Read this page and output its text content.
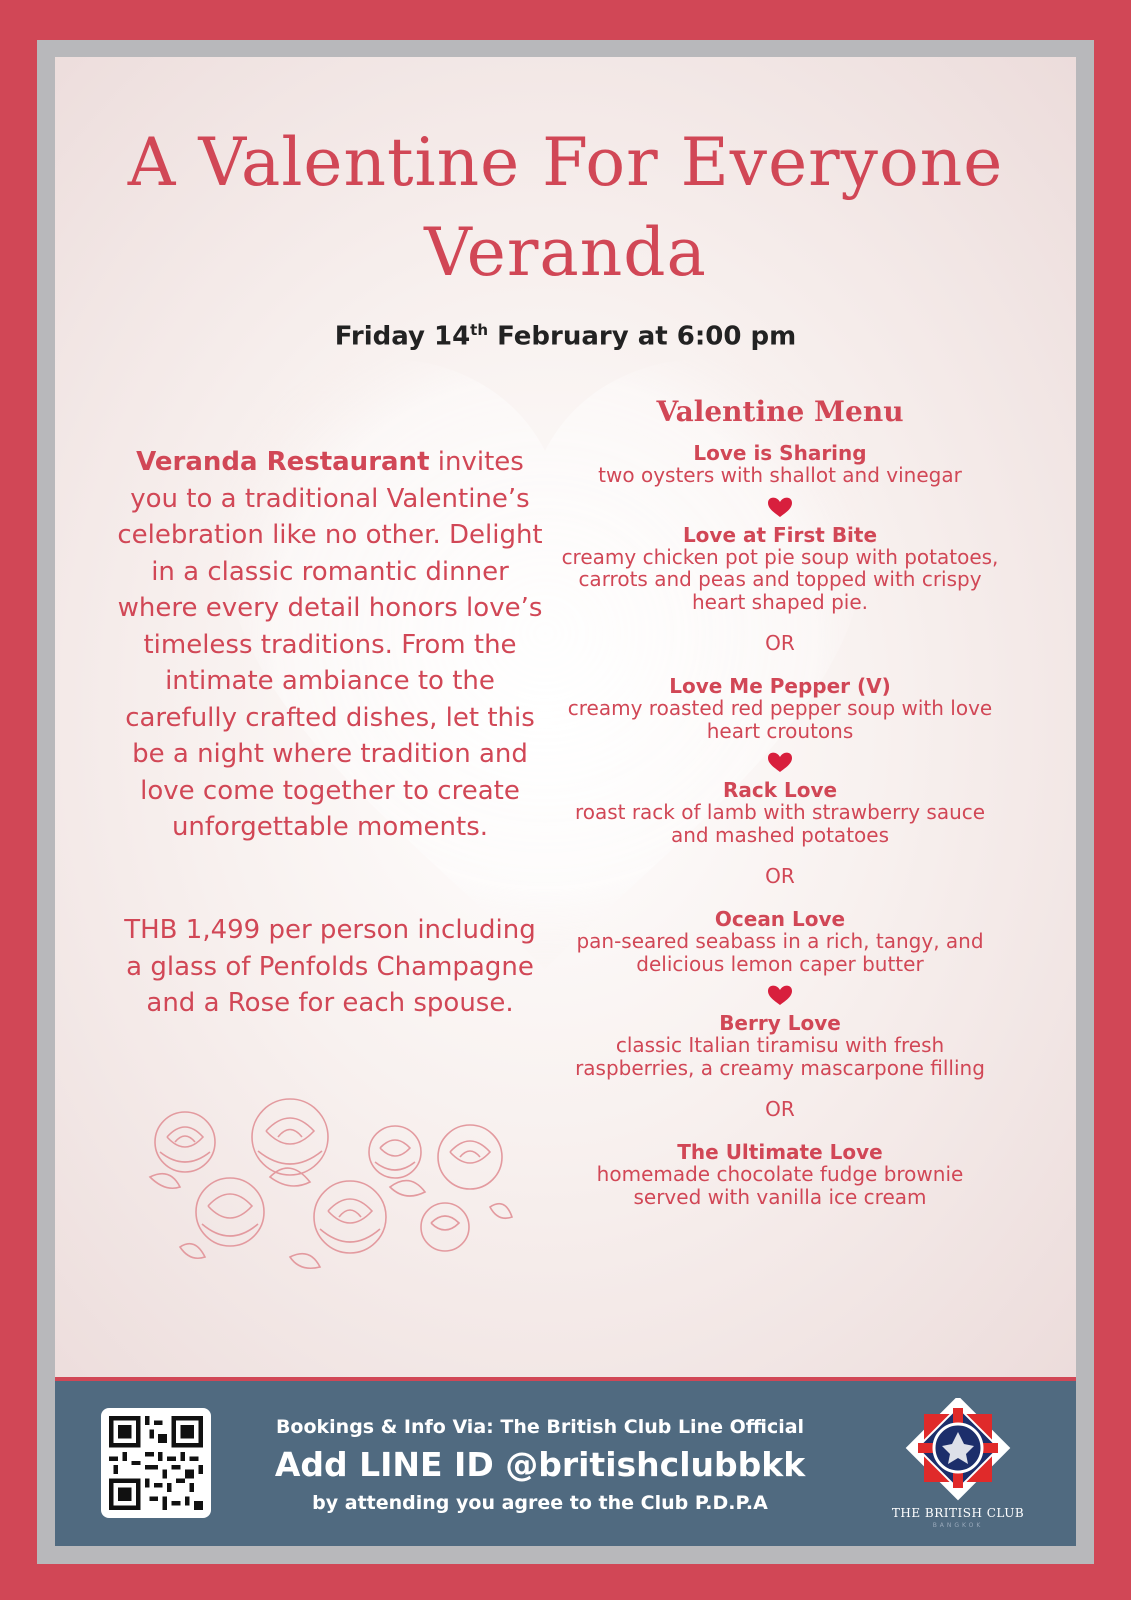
A Valentine For Everyone
Veranda
Friday 14th February at 6:00 pm
Veranda Restaurant invites you to a traditional Valentine’s celebration like no other. Delight in a classic romantic dinner where every detail honors love’s timeless traditions. From the intimate ambiance to the carefully crafted dishes, let this be a night where tradition and love come together to create unforgettable moments.
THB 1,499 per person including a glass of Penfolds Champagne and a Rose for each spouse.
Valentine Menu
Love is Sharing
two oysters with shallot and vinegar
Love at First Bite
creamy chicken pot pie soup with potatoes, carrots and peas and topped with crispy heart shaped pie.
OR
Love Me Pepper (V)
creamy roasted red pepper soup with love heart croutons
Rack Love
roast rack of lamb with strawberry sauce and mashed potatoes
OR
Ocean Love
pan-seared seabass in a rich, tangy, and delicious lemon caper butter
Berry Love
classic Italian tiramisu with fresh raspberries, a creamy mascarpone filling
OR
The Ultimate Love
homemade chocolate fudge brownie served with vanilla ice cream
Bookings & Info Via: The British Club Line Official
Add LINE ID @britishclubbkk
by attending you agree to the Club P.D.P.A	THE BRITISH CLUB
BANGKOK
